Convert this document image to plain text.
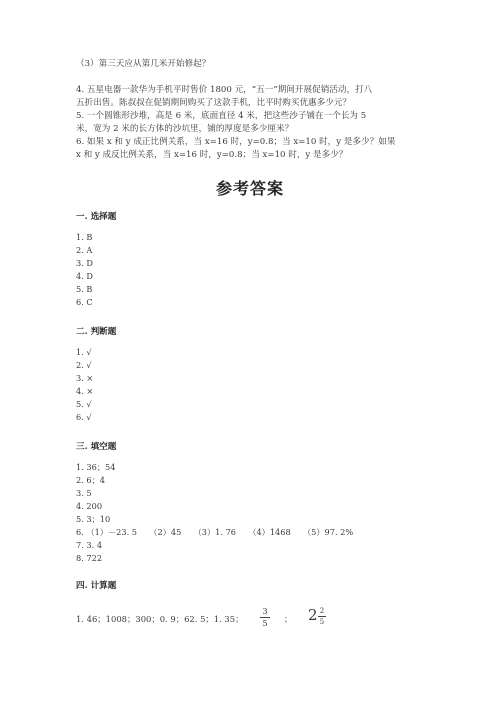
（3）第三天应从第几米开始修起？
4. 五星电器一款华为手机平时售价 1800 元，“五一”期间开展促销活动，打八
五折出售。陈叔叔在促销期间购买了这款手机，比平时购买优惠多少元？
5. 一个圆锥形沙堆，高是 6 米，底面直径 4 米，把这些沙子铺在一个长为 5
米，宽为 2 米的长方体的沙坑里，铺的厚度是多少厘米？
6. 如果 x 和 y 成正比例关系，当 x=16 时，y=0.8；当 x=10 时，y 是多少？如果
x 和 y 成反比例关系，当 x=16 时，y=0.8；当 x=10 时，y 是多少？
参考答案
一. 选择题
1. B
2. A
3. D
4. D
5. B
6. C
二. 判断题
1. √
2. √
3. ×
4. ×
5. √
6. √
三. 填空题
1. 36；54
2. 6；4
3. 5
4. 200
5. 3；10
6. （1）－23. 5　　（2）45　　（3）1. 76　　（4）1468　　（5）97. 2%
7. 3. 4
8. 722
四. 计算题
1. 46；1008；300；0. 9；62. 5；1. 35；
3
5 ； 2 2
5
